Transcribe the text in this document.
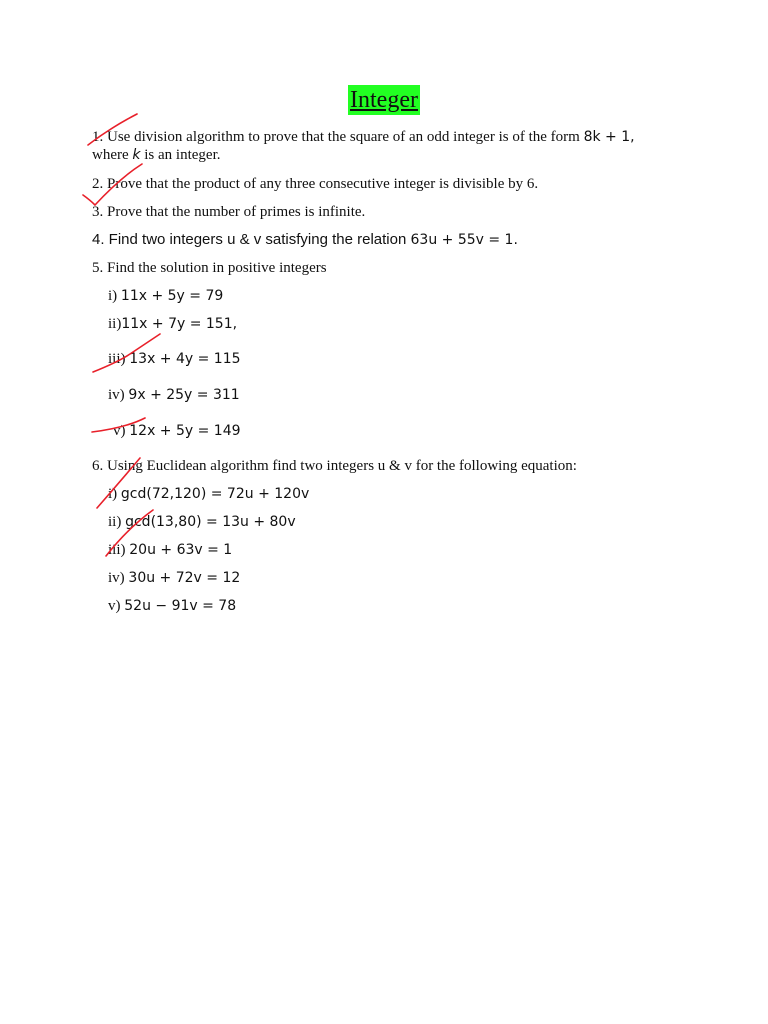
Integer
1. Use division algorithm to prove that the square of an odd integer is of the form 8k + 1,
where k is an integer.
2. Prove that the product of any three consecutive integer is divisible by 6.
3. Prove that the number of primes is infinite.
4. Find two integers u & v satisfying the relation 63u + 55v = 1.
5. Find the solution in positive integers
i) 11x + 5y = 79
ii)11x + 7y = 151,
iii) 13x + 4y = 115
iv) 9x + 25y = 311
v) 12x + 5y = 149
6. Using Euclidean algorithm find two integers u & v for the following equation:
i) gcd(72,120) = 72u + 120v
ii) gcd(13,80) = 13u + 80v
iii) 20u + 63v = 1
iv) 30u + 72v = 12
v) 52u − 91v = 78
